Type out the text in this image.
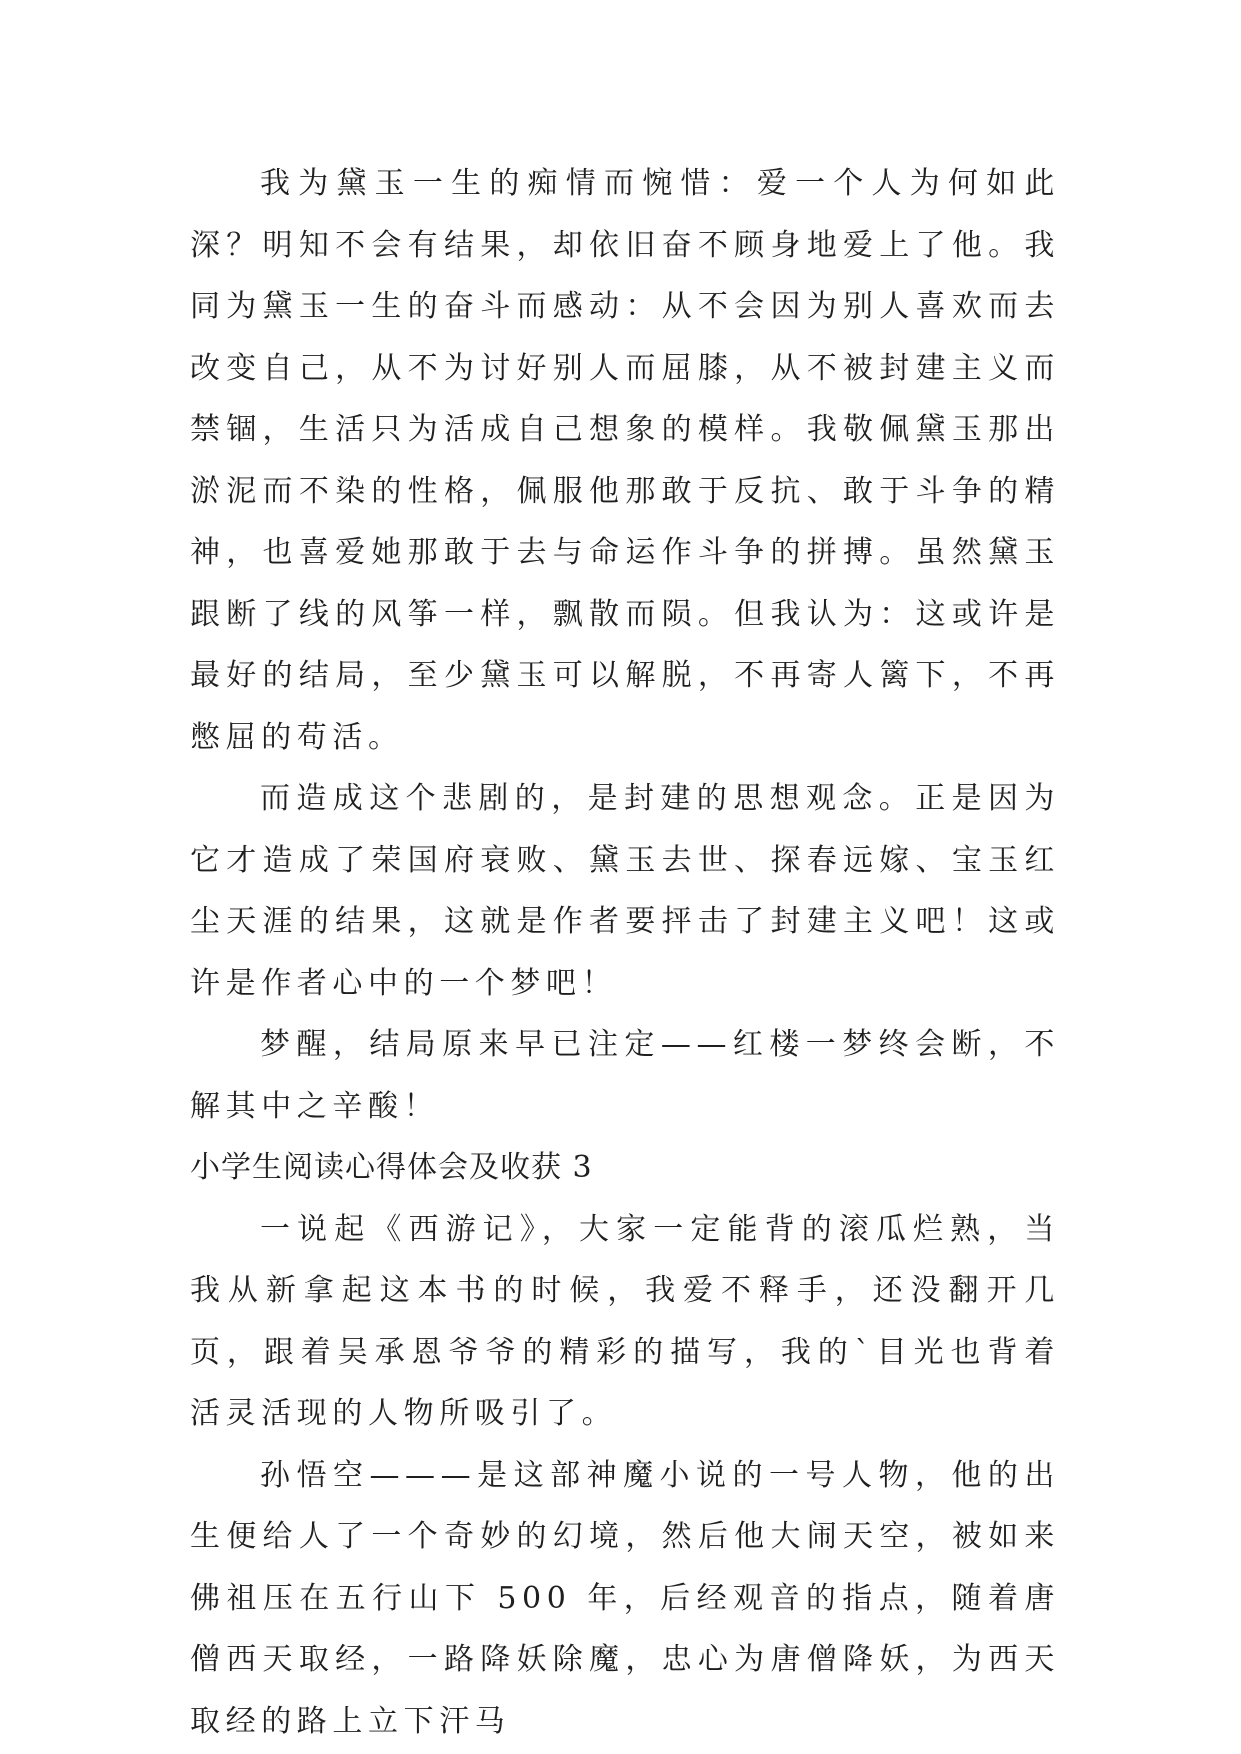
我为黛玉一生的痴情而惋惜：爱一个人为何如此深？明知不会有结果，却依旧奋不顾身地爱上了他。我同为黛玉一生的奋斗而感动：从不会因为别人喜欢而去改变自己，从不为讨好别人而屈膝，从不被封建主义而禁锢，生活只为活成自己想象的模样。我敬佩黛玉那出淤泥而不染的性格，佩服他那敢于反抗、敢于斗争的精神，也喜爱她那敢于去与命运作斗争的拼搏。虽然黛玉跟断了线的风筝一样，飘散而陨。但我认为：这或许是最好的结局，至少黛玉可以解脱，不再寄人篱下，不再憋屈的苟活。

而造成这个悲剧的，是封建的思想观念。正是因为它才造成了荣国府衰败、黛玉去世、探春远嫁、宝玉红尘天涯的结果，这就是作者要抨击了封建主义吧！这或许是作者心中的一个梦吧！

梦醒，结局原来早已注定——红楼一梦终会断，不解其中之辛酸！

小学生阅读心得体会及收获 3

一说起《西游记》，大家一定能背的滚瓜烂熟，当我从新拿起这本书的时候，我爱不释手，还没翻开几页，跟着吴承恩爷爷的精彩的描写，我的`目光也背着活灵活现的人物所吸引了。

孙悟空———是这部神魔小说的一号人物，他的出生便给人了一个奇妙的幻境，然后他大闹天空，被如来佛祖压在五行山下 500 年，后经观音的指点，随着唐僧西天取经，一路降妖除魔，忠心为唐僧降妖，为西天取经的路上立下汗马
